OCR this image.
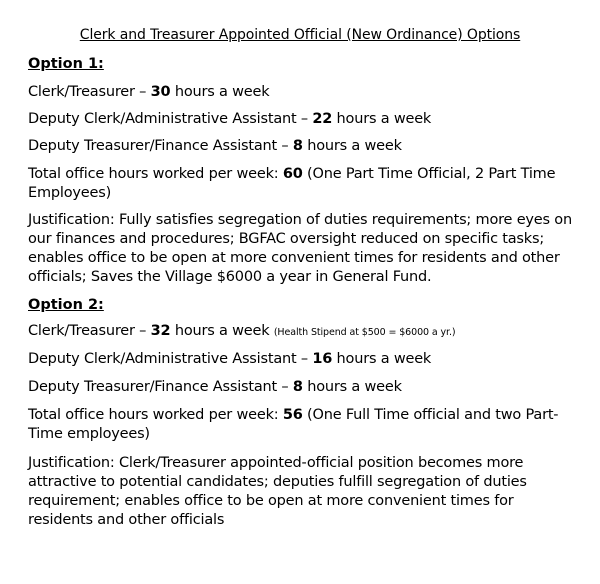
Clerk and Treasurer Appointed Official (New Ordinance) Options
Option 1:
Clerk/Treasurer – 30 hours a week
Deputy Clerk/Administrative Assistant – 22 hours a week
Deputy Treasurer/Finance Assistant – 8 hours a week
Total office hours worked per week: 60 (One Part Time Official, 2 Part Time Employees)
Justification: Fully satisfies segregation of duties requirements; more eyes on our finances and procedures; BGFAC oversight reduced on specific tasks; enables office to be open at more convenient times for residents and other officials; Saves the Village $6000 a year in General Fund.
Option 2:
Clerk/Treasurer – 32 hours a week (Health Stipend at $500 = $6000 a yr.)
Deputy Clerk/Administrative Assistant – 16 hours a week
Deputy Treasurer/Finance Assistant – 8 hours a week
Total office hours worked per week: 56 (One Full Time official and two Part-Time employees)
Justification: Clerk/Treasurer appointed-official position becomes more attractive to potential candidates; deputies fulfill segregation of duties requirement; enables office to be open at more convenient times for residents and other officials
